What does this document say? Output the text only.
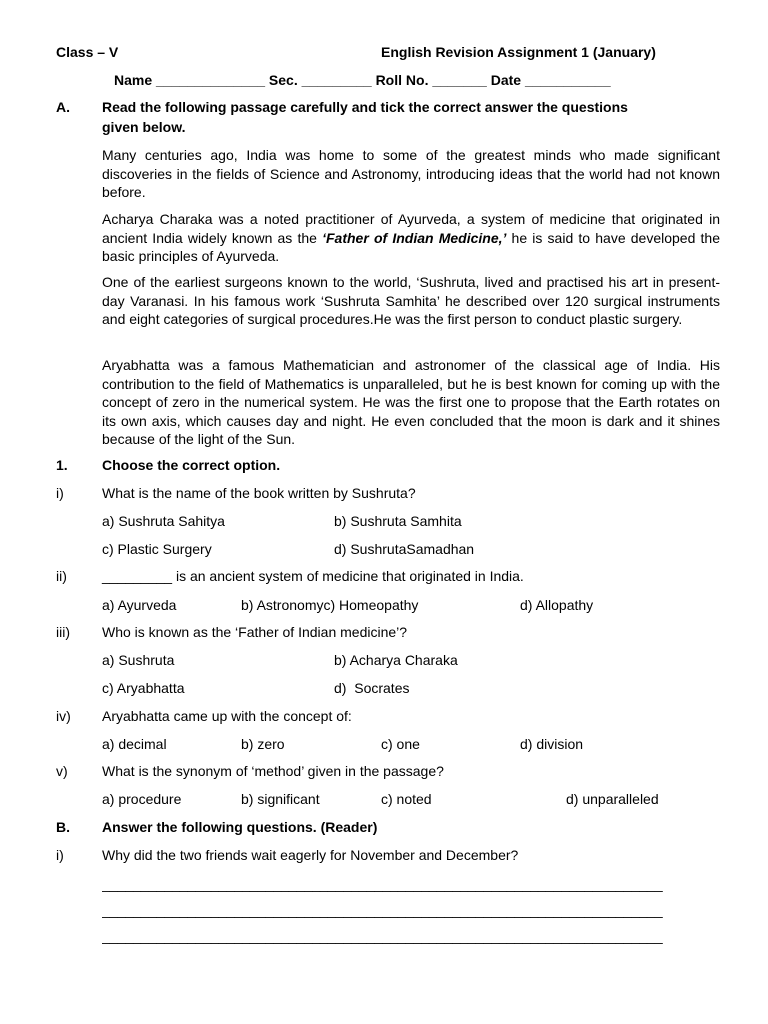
Class – V	English Revision Assignment 1 (January)
Name ______________ Sec. _________ Roll No. _______ Date ___________
A. Read the following passage carefully and tick the correct answer the questions
given below.
Many centuries ago, India was home to some of the greatest minds who made significant discoveries in the fields of Science and Astronomy, introducing ideas that the world had not known before.
Acharya Charaka was a noted practitioner of Ayurveda, a system of medicine that originated in ancient India widely known as the ‘Father of Indian Medicine,’ he is said to have developed the basic principles of Ayurveda.
One of the earliest surgeons known to the world, ‘Sushruta, lived and practised his art in present-day Varanasi. In his famous work ‘Sushruta Samhita’ he described over 120 surgical instruments and eight categories of surgical procedures.He was the first person to conduct plastic surgery.
Aryabhatta was a famous Mathematician and astronomer of the classical age of India. His contribution to the field of Mathematics is unparalleled, but he is best known for coming up with the concept of zero in the numerical system. He was the first one to propose that the Earth rotates on its own axis, which causes day and night. He even concluded that the moon is dark and it shines because of the light of the Sun.
1. Choose the correct option.
i)	What is the name of the book written by Sushruta?
a) Sushruta Sahitya	b) Sushruta Samhita
c) Plastic Surgery	d) SushrutaSamadhan
ii)	_________ is an ancient system of medicine that originated in India.
a) Ayurveda	b) Astronomyc) Homeopathy	d) Allopathy
iii) Who is known as the ‘Father of Indian medicine’?
a) Sushruta	b) Acharya Charaka
c) Aryabhatta	d)  Socrates
iv) Aryabhatta came up with the concept of:
a) decimal	b) zero	c) one	d) division
v) What is the synonym of ‘method’ given in the passage?
a) procedure	b) significant	c) noted	d) unparalleled
B. Answer the following questions. (Reader)
i)	Why did the two friends wait eagerly for November and December?
________________________________________________________________________
________________________________________________________________________
________________________________________________________________________
